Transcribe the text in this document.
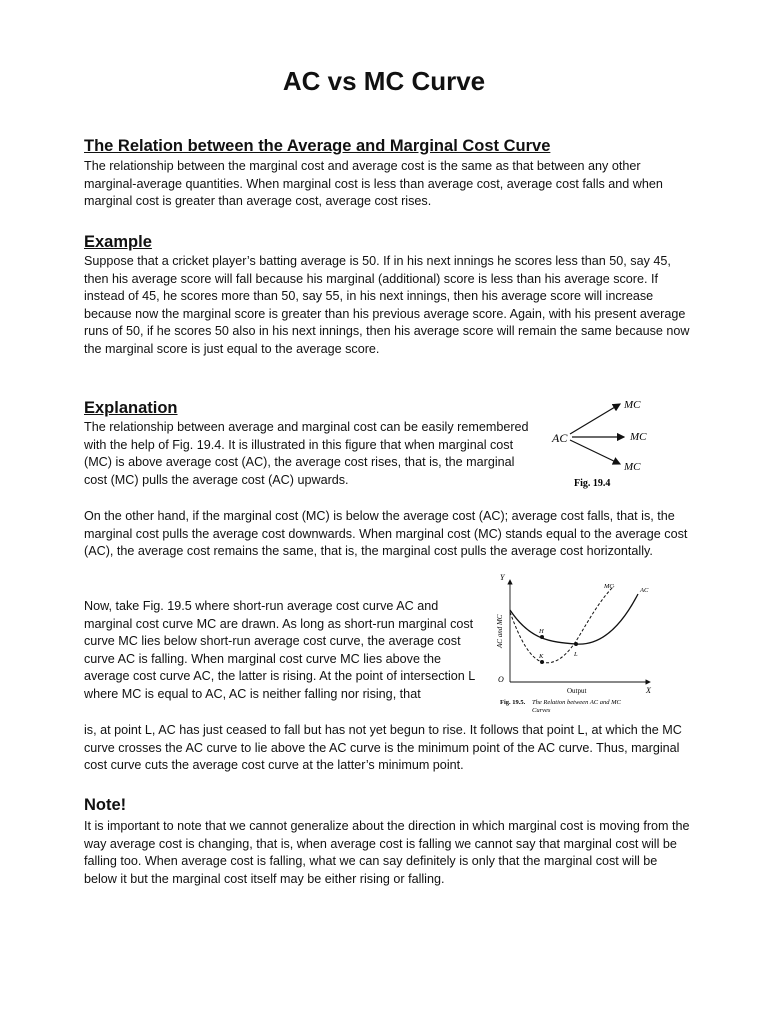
AC vs MC Curve
The Relation between the Average and Marginal Cost Curve

The relationship between the marginal cost and average cost is the same as that between any other marginal-average quantities. When marginal cost is less than average cost, average cost falls and when marginal cost is greater than average cost, average cost rises.

Example

Suppose that a cricket player’s batting average is 50. If in his next innings he scores less than 50, say 45, then his average score will fall because his marginal (additional) score is less than his average score. If instead of 45, he scores more than 50, say 55, in his next innings, then his average score will increase because now the marginal score is greater than his previous average score. Again, with his present average runs of 50, if he scores 50 also in his next innings, then his average score will remain the same because now the marginal score is just equal to the average score.

Explanation

The relationship between average and marginal cost can be easily remembered with the help of Fig. 19.4. It is illustrated in this figure that when marginal cost (MC) is above average cost (AC), the average cost rises, that is, the marginal cost (MC) pulls the average cost (AC) upwards.

On the other hand, if the marginal cost (MC) is below the average cost (AC); average cost falls, that is, the marginal cost pulls the average cost downwards. When marginal cost (MC) stands equal to the average cost (AC), the average cost remains the same, that is, the marginal cost pulls the average cost horizontally.

Now, take Fig. 19.5 where short-run average cost curve AC and marginal cost curve MC are drawn. As long as short-run marginal cost curve MC lies below short-run average cost curve, the average cost curve AC is falling. When marginal cost curve MC lies above the average cost curve AC, the latter is rising. At the point of intersection L where MC is equal to AC, AC is neither falling nor rising, that

is, at point L, AC has just ceased to fall but has not yet begun to rise. It follows that point L, at which the MC curve crosses the AC curve to lie above the AC curve is the minimum point of the AC curve. Thus, marginal cost curve cuts the average cost curve at the latter’s minimum point.

Note!

It is important to note that we cannot generalize about the direction in which marginal cost is moving from the way average cost is changing, that is, when average cost is falling we cannot say that marginal cost will be falling too. When average cost is falling, what we can say definitely is only that the marginal cost will be below it but the marginal cost itself may be either rising or falling.

AC
MC
MC
MC
Fig. 19.4
Y
X
O
AC and MC
Output
MC
AC
H
K	L
Fig. 19.5. The Relation between AC and MC
Curves
